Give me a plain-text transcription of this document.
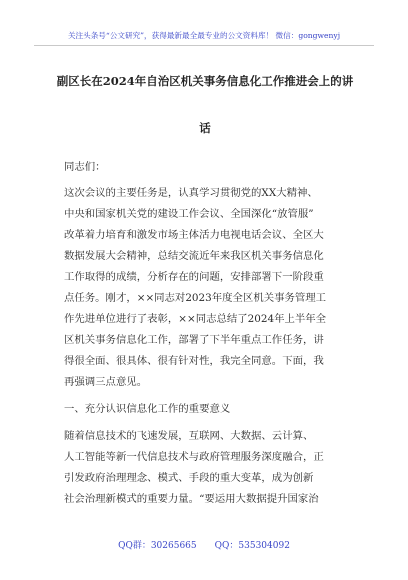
关注头条号“公文研究”，获得最新最全最专业的公文资料库！ 微信：gongwenyj
副区长在2024年自治区机关事务信息化工作推进会上的讲
话
同志们：
这次会议的主要任务是，认真学习贯彻党的XX大精神、
中央和国家机关党的建设工作会议、全国深化“放管服”
改革着力培育和激发市场主体活力电视电话会议、全区大
数据发展大会精神，总结交流近年来我区机关事务信息化
工作取得的成绩，分析存在的问题，安排部署下一阶段重
点任务。刚才，××同志对2023年度全区机关事务管理工
作先进单位进行了表彰，××同志总结了2024年上半年全
区机关事务信息化工作，部署了下半年重点工作任务，讲
得很全面、很具体、很有针对性，我完全同意。下面，我
再强调三点意见。
一、充分认识信息化工作的重要意义
随着信息技术的飞速发展，互联网、大数据、云计算、
人工智能等新一代信息技术与政府管理服务深度融合，正
引发政府治理理念、模式、手段的重大变革，成为创新
社会治理新模式的重要力量。“要运用大数据提升国家治
QQ群：30265665 QQ：535304092
